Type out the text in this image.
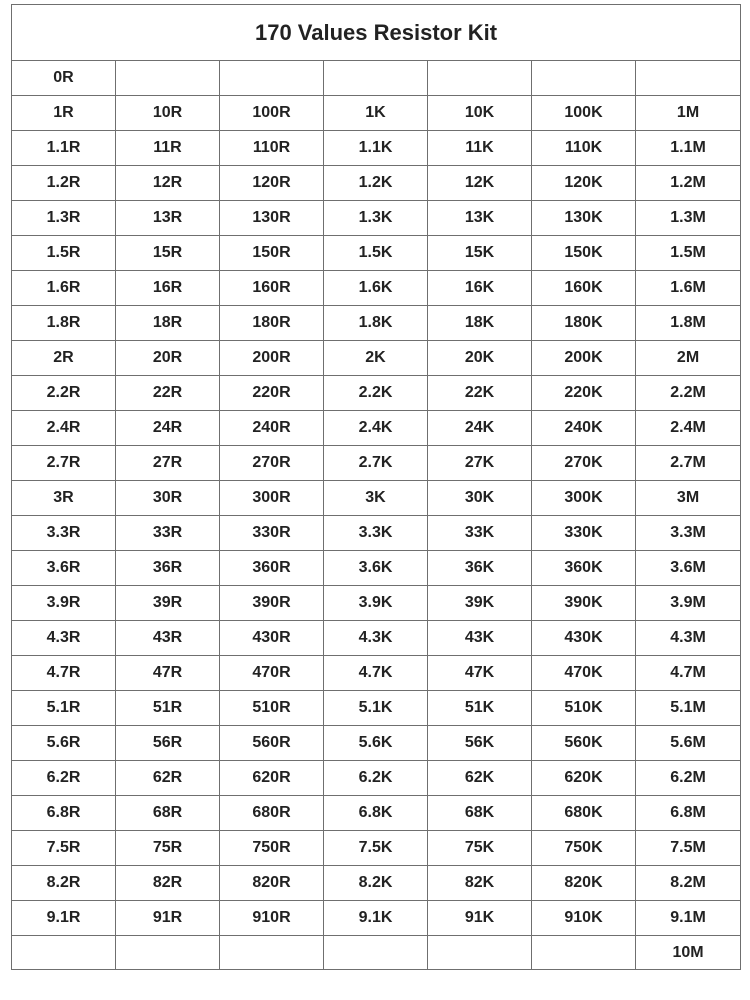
170 Values Resistor Kit						
0R						
1R	10R	100R	1K	10K	100K	1M
1.1R	11R	110R	1.1K	11K	110K	1.1M
1.2R	12R	120R	1.2K	12K	120K	1.2M
1.3R	13R	130R	1.3K	13K	130K	1.3M
1.5R	15R	150R	1.5K	15K	150K	1.5M
1.6R	16R	160R	1.6K	16K	160K	1.6M
1.8R	18R	180R	1.8K	18K	180K	1.8M
2R	20R	200R	2K	20K	200K	2M
2.2R	22R	220R	2.2K	22K	220K	2.2M
2.4R	24R	240R	2.4K	24K	240K	2.4M
2.7R	27R	270R	2.7K	27K	270K	2.7M
3R	30R	300R	3K	30K	300K	3M
3.3R	33R	330R	3.3K	33K	330K	3.3M
3.6R	36R	360R	3.6K	36K	360K	3.6M
3.9R	39R	390R	3.9K	39K	390K	3.9M
4.3R	43R	430R	4.3K	43K	430K	4.3M
4.7R	47R	470R	4.7K	47K	470K	4.7M
5.1R	51R	510R	5.1K	51K	510K	5.1M
5.6R	56R	560R	5.6K	56K	560K	5.6M
6.2R	62R	620R	6.2K	62K	620K	6.2M
6.8R	68R	680R	6.8K	68K	680K	6.8M
7.5R	75R	750R	7.5K	75K	750K	7.5M
8.2R	82R	820R	8.2K	82K	820K	8.2M
9.1R	91R	910R	9.1K	91K	910K	9.1M
						10M
